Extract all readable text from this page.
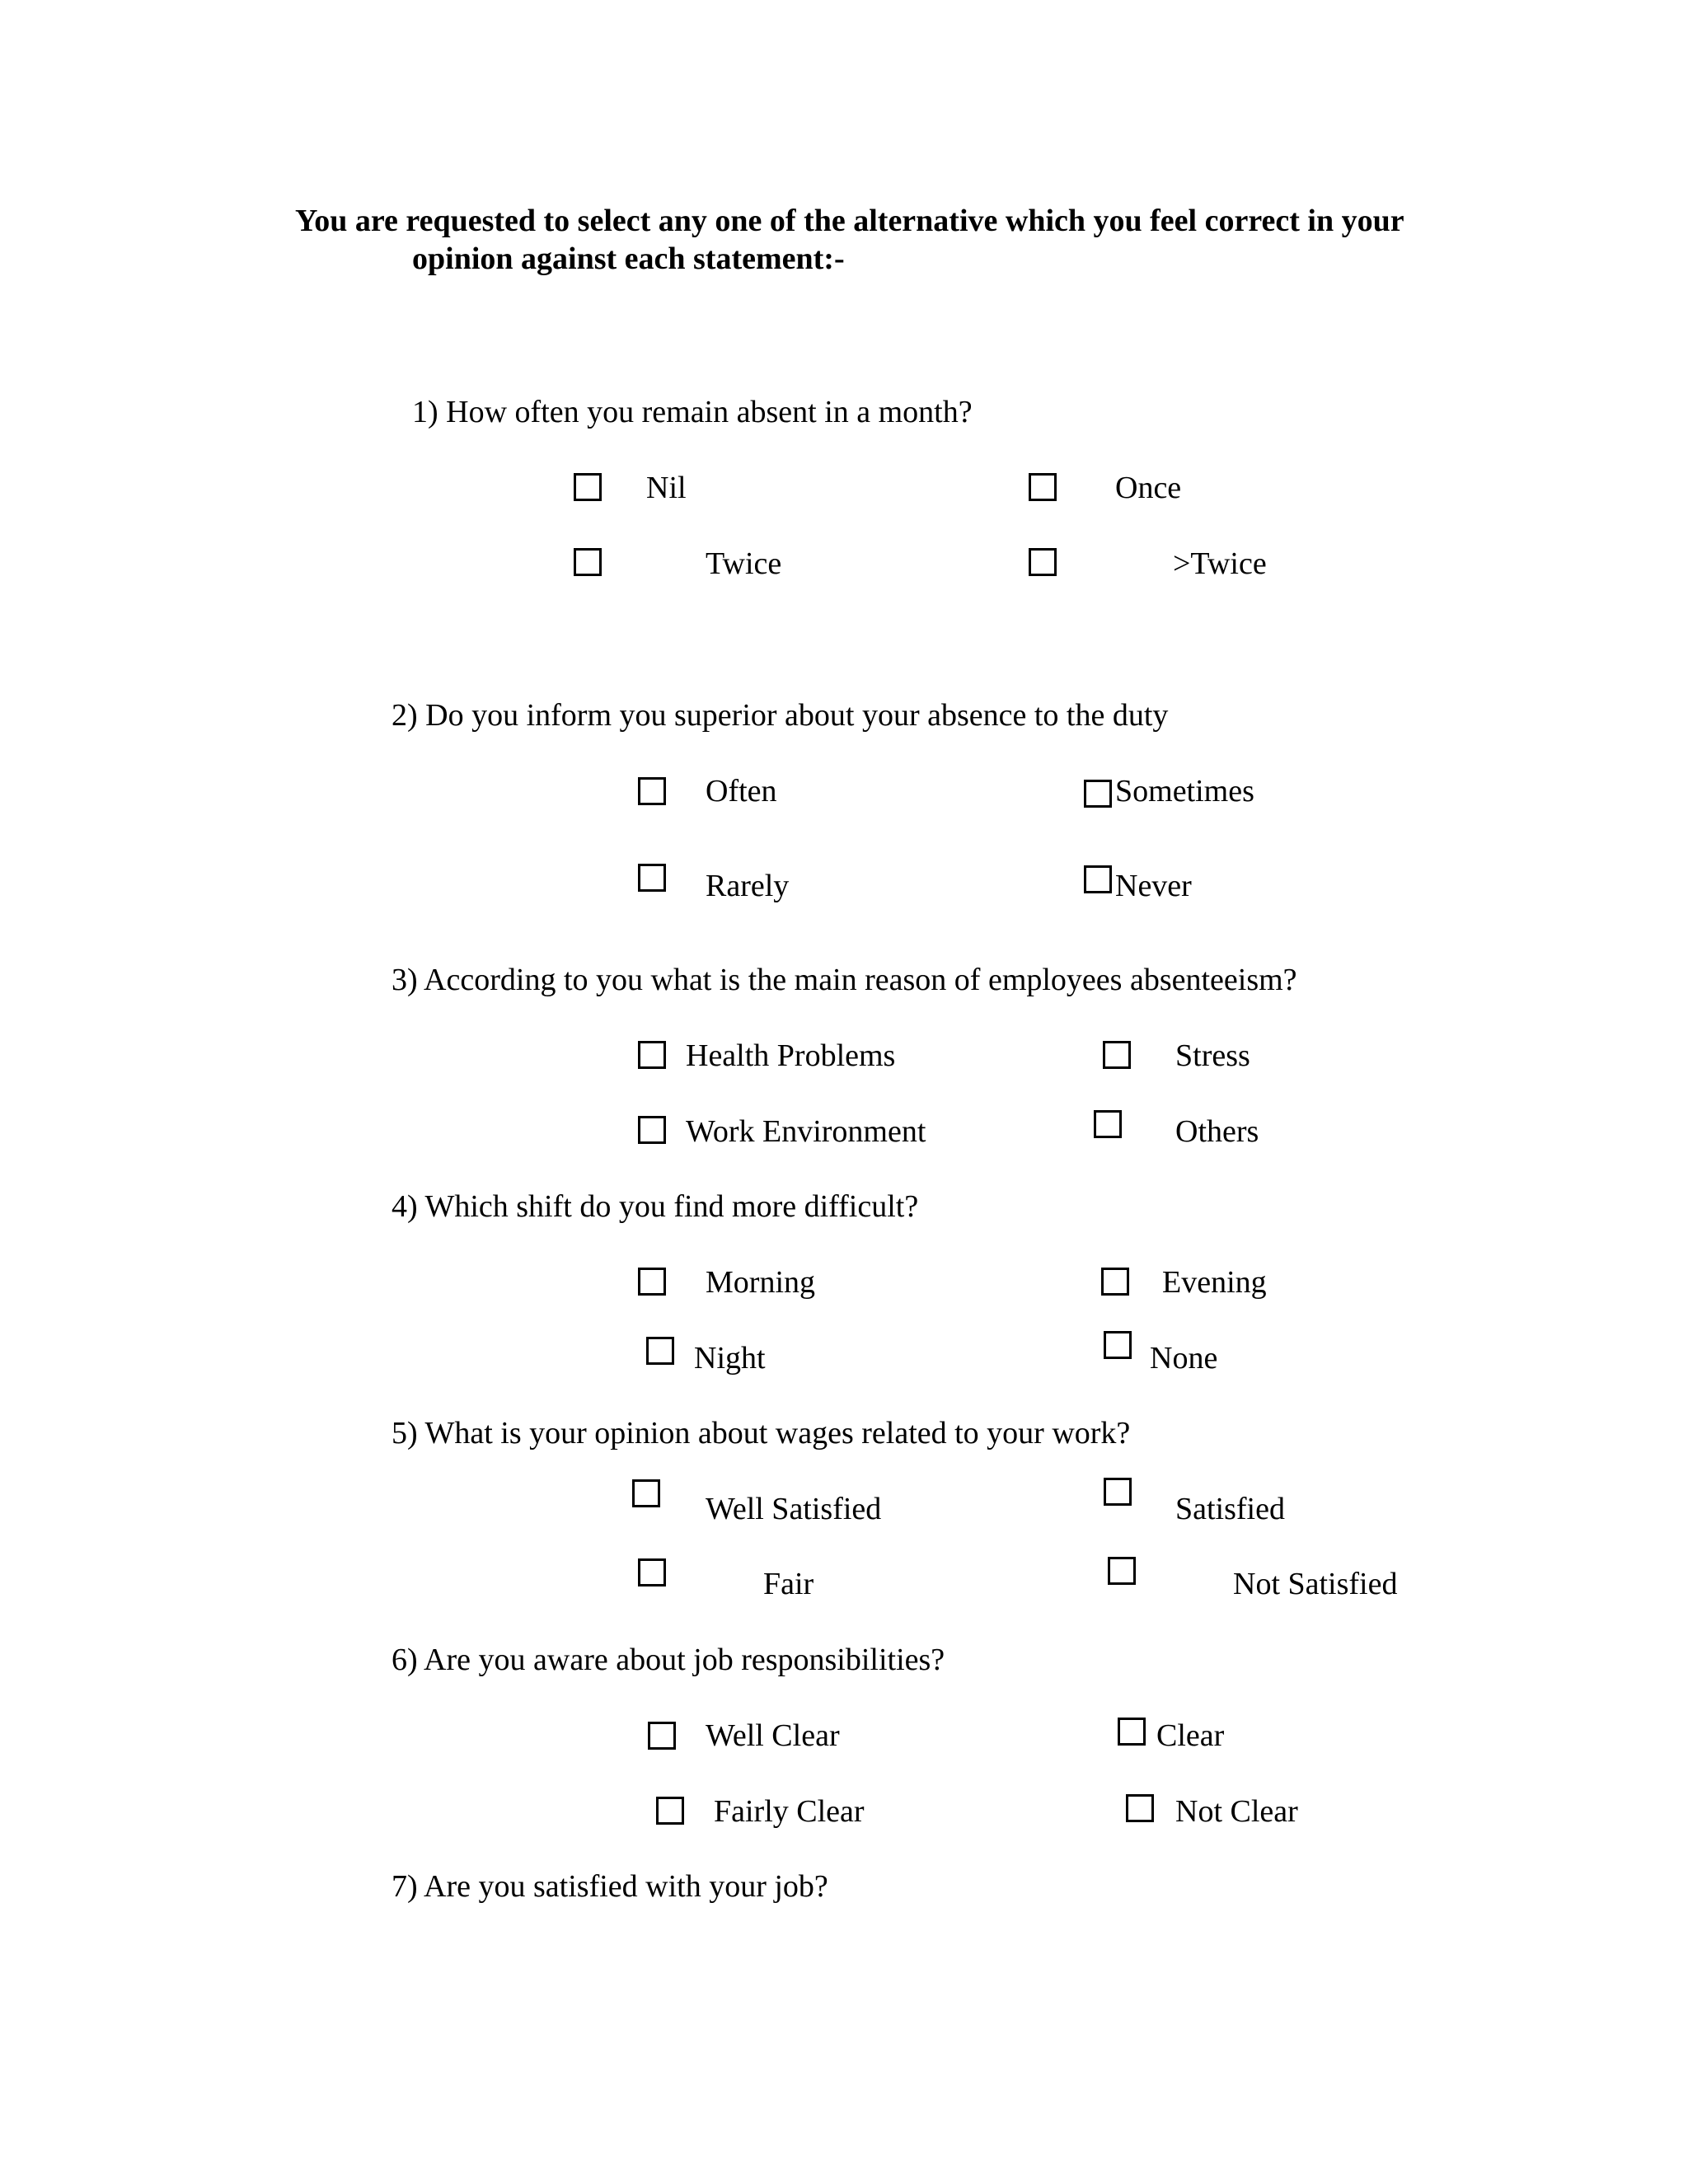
You are requested to select any one of the alternative which you feel correct in your
opinion against each statement:-

1) How often you remain absent in a month?
Nil	Once
Twice	>Twice
2) Do you inform you superior about your absence to the duty
Often	Sometimes
Rarely	Never
3) According to you what is the main reason of employees absenteeism?
Health Problems	Stress
Work Environment	Others
4) Which shift do you find more difficult?
Morning	Evening
Night	None
5) What is your opinion about wages related to your work?
Well Satisfied	Satisfied
Fair	Not Satisfied
6) Are you aware about job responsibilities?
Well Clear	Clear
Fairly Clear	Not Clear
7) Are you satisfied with your job?
